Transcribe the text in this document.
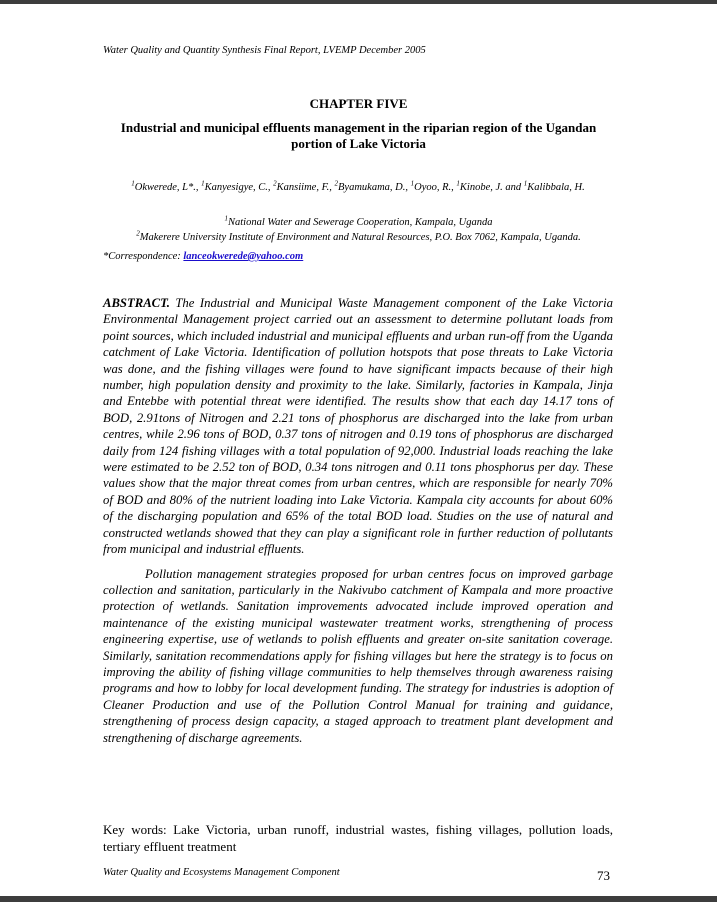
Water Quality and Quantity Synthesis Final Report, LVEMP December 2005
CHAPTER FIVE
Industrial and municipal effluents management in the riparian region of the Ugandan portion of Lake Victoria
$^1$Okwerede, L*., $^1$Kanyesigye, C., $^2$Kansiime, F., $^2$Byamukama, D., $^1$Oyoo, R., $^1$Kinobe, J. and $^1$Kalibbala, H.
$^1$National Water and Sewerage Cooperation, Kampala, Uganda
$^2$Makerere University Institute of Environment and Natural Resources, P.O. Box 7062, Kampala, Uganda.
*Correspondence: lanceokwerede@yahoo.com

ABSTRACT. The Industrial and Municipal Waste Management component of the Lake Victoria Environmental Management project carried out an assessment to determine pollutant loads from point sources, which included industrial and municipal effluents and urban run-off from the Uganda catchment of Lake Victoria. Identification of pollution hotspots that pose threats to Lake Victoria was done, and the fishing villages were found to have significant impacts because of their high number, high population density and proximity to the lake. Similarly, factories in Kampala, Jinja and Entebbe with potential threat were identified. The results show that each day 14.17 tons of BOD, 2.91tons of Nitrogen and 2.21 tons of phosphorus are discharged into the lake from urban centres, while 2.96 tons of BOD, 0.37 tons of nitrogen and 0.19 tons of phosphorus are discharged daily from 124 fishing villages with a total population of 92,000. Industrial loads reaching the lake were estimated to be 2.52 ton of BOD, 0.34 tons nitrogen and 0.11 tons phosphorus per day. These values show that the major threat comes from urban centres, which are responsible for nearly 70% of BOD and 80% of the nutrient loading into Lake Victoria. Kampala city accounts for about 60% of the discharging population and 65% of the total BOD load. Studies on the use of natural and constructed wetlands showed that they can play a significant role in further reduction of pollutants from municipal and industrial effluents.

Pollution management strategies proposed for urban centres focus on improved garbage collection and sanitation, particularly in the Nakivubo catchment of Kampala and more proactive protection of wetlands. Sanitation improvements advocated include improved operation and maintenance of the existing municipal wastewater treatment works, strengthening of process engineering expertise, use of wetlands to polish effluents and greater on-site sanitation coverage. Similarly, sanitation recommendations apply for fishing villages but here the strategy is to focus on improving the ability of fishing village communities to help themselves through awareness raising programs and how to lobby for local development funding. The strategy for industries is adoption of Cleaner Production and use of the Pollution Control Manual for training and guidance, strengthening of process design capacity, a staged approach to treatment plant development and strengthening of discharge agreements.

Key words: Lake Victoria, urban runoff, industrial wastes, fishing villages, pollution loads, tertiary effluent treatment
Water Quality and Ecosystems Management Component	73
